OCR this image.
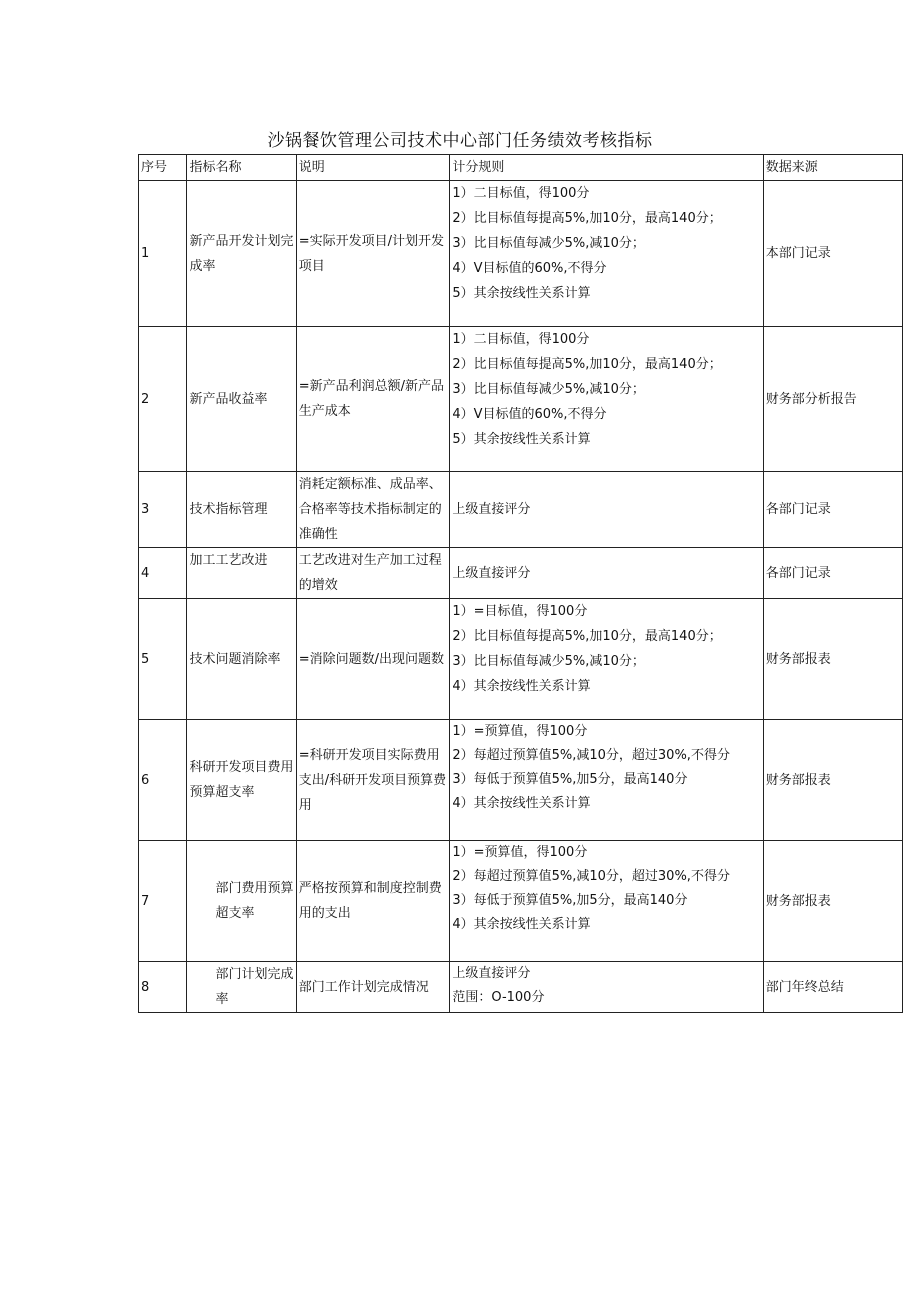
沙锅餐饮管理公司技术中心部门任务绩效考核指标
序号	指标名称	说明	计分规则	数据来源
1	新产品开发计划完成率	=实际开发项目/计划开发项目	1）二目标值，得100分
2）比目标值每提高5%,加10分，最高140分；
3）比目标值每减少5%,减10分；
4）V目标值的60%,不得分
5）其余按线性关系计算	本部门记录
2	新产品收益率	=新产品利润总额/新产品生产成本	1）二目标值，得100分
2）比目标值每提高5%,加10分，最高140分；
3）比目标值每减少5%,减10分；
4）V目标值的60%,不得分
5）其余按线性关系计算	财务部分析报告
3	技术指标管理	消耗定额标准、成品率、合格率等技术指标制定的准确性	上级直接评分	各部门记录
4	加工工艺改进	工艺改进对生产加工过程的增效	上级直接评分	各部门记录
5	技术问题消除率	=消除问题数/出现问题数	1）=目标值，得100分
2）比目标值每提高5%,加10分，最高140分；
3）比目标值每减少5%,减10分；
4）其余按线性关系计算	财务部报表
6	科研开发项目费用预算超支率	=科研开发项目实际费用支出/科研开发项目预算费用	1）=预算值，得100分
2）每超过预算值5%,减10分，超过30%,不得分
3）每低于预算值5%,加5分，最高140分
4）其余按线性关系计算	财务部报表
7	部门费用预算超支率	严格按预算和制度控制费用的支出	1）=预算值，得100分
2）每超过预算值5%,减10分，超过30%,不得分
3）每低于预算值5%,加5分，最高140分
4）其余按线性关系计算	财务部报表
8	部门计划完成率	部门工作计划完成情况	上级直接评分
范围：O-100分	部门年终总结
